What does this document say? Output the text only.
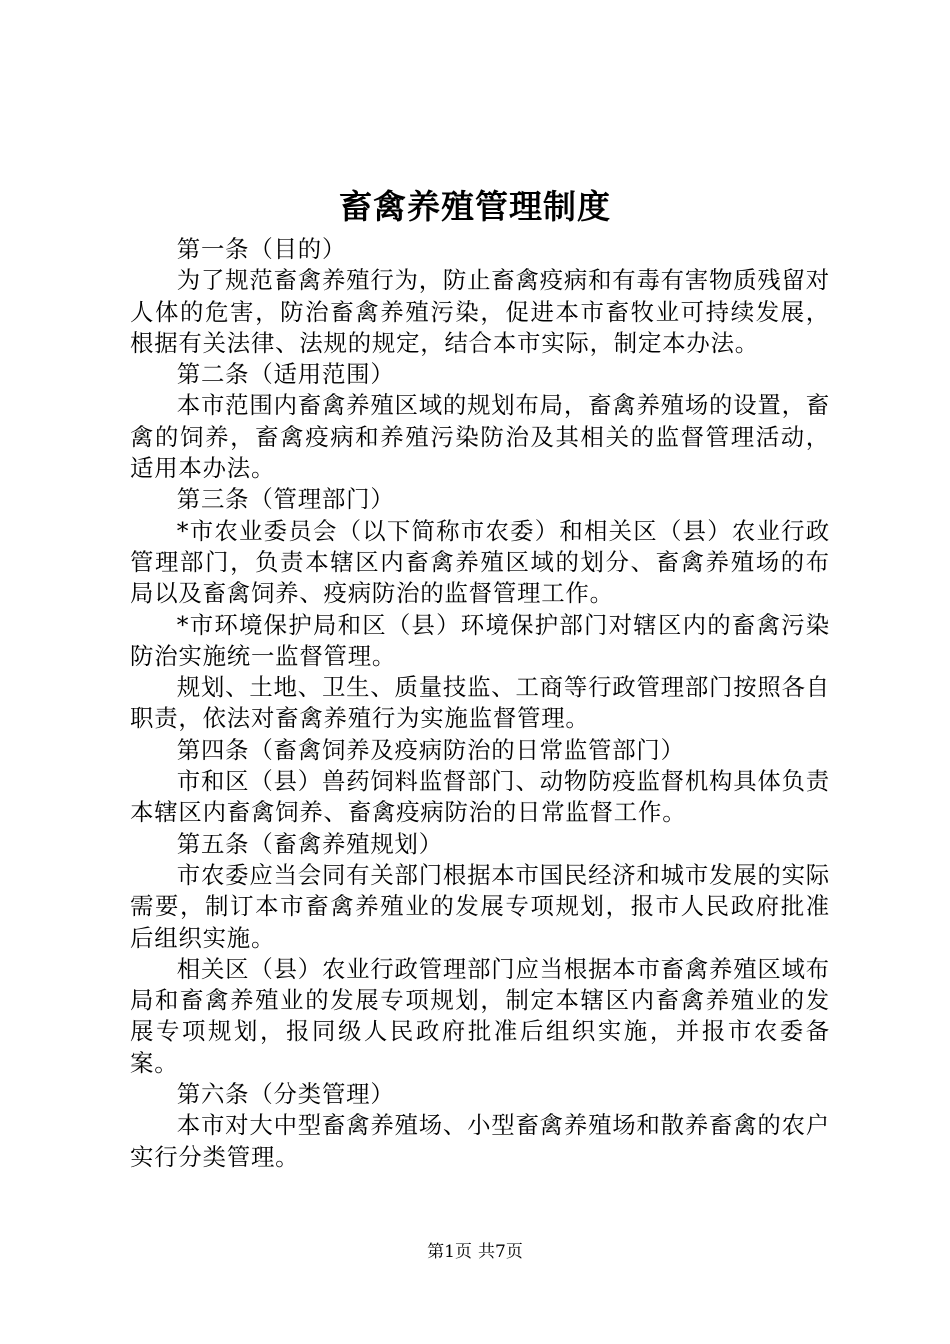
畜禽养殖管理制度

第一条（目的）

为了规范畜禽养殖行为，防止畜禽疫病和有毒有害物质残留对人体的危害，防治畜禽养殖污染，促进本市畜牧业可持续发展，根据有关法律、法规的规定，结合本市实际，制定本办法。

第二条（适用范围）

本市范围内畜禽养殖区域的规划布局，畜禽养殖场的设置，畜禽的饲养，畜禽疫病和养殖污染防治及其相关的监督管理活动，适用本办法。

第三条（管理部门）

*市农业委员会（以下简称市农委）和相关区（县）农业行政管理部门，负责本辖区内畜禽养殖区域的划分、畜禽养殖场的布局以及畜禽饲养、疫病防治的监督管理工作。

*市环境保护局和区（县）环境保护部门对辖区内的畜禽污染防治实施统一监督管理。

规划、土地、卫生、质量技监、工商等行政管理部门按照各自职责，依法对畜禽养殖行为实施监督管理。

第四条（畜禽饲养及疫病防治的日常监管部门）

市和区（县）兽药饲料监督部门、动物防疫监督机构具体负责本辖区内畜禽饲养、畜禽疫病防治的日常监督工作。

第五条（畜禽养殖规划）

市农委应当会同有关部门根据本市国民经济和城市发展的实际需要，制订本市畜禽养殖业的发展专项规划，报市人民政府批准后组织实施。

相关区（县）农业行政管理部门应当根据本市畜禽养殖区域布局和畜禽养殖业的发展专项规划，制定本辖区内畜禽养殖业的发展专项规划，报同级人民政府批准后组织实施，并报市农委备案。

第六条（分类管理）

本市对大中型畜禽养殖场、小型畜禽养殖场和散养畜禽的农户实行分类管理。

第1页 共7页
